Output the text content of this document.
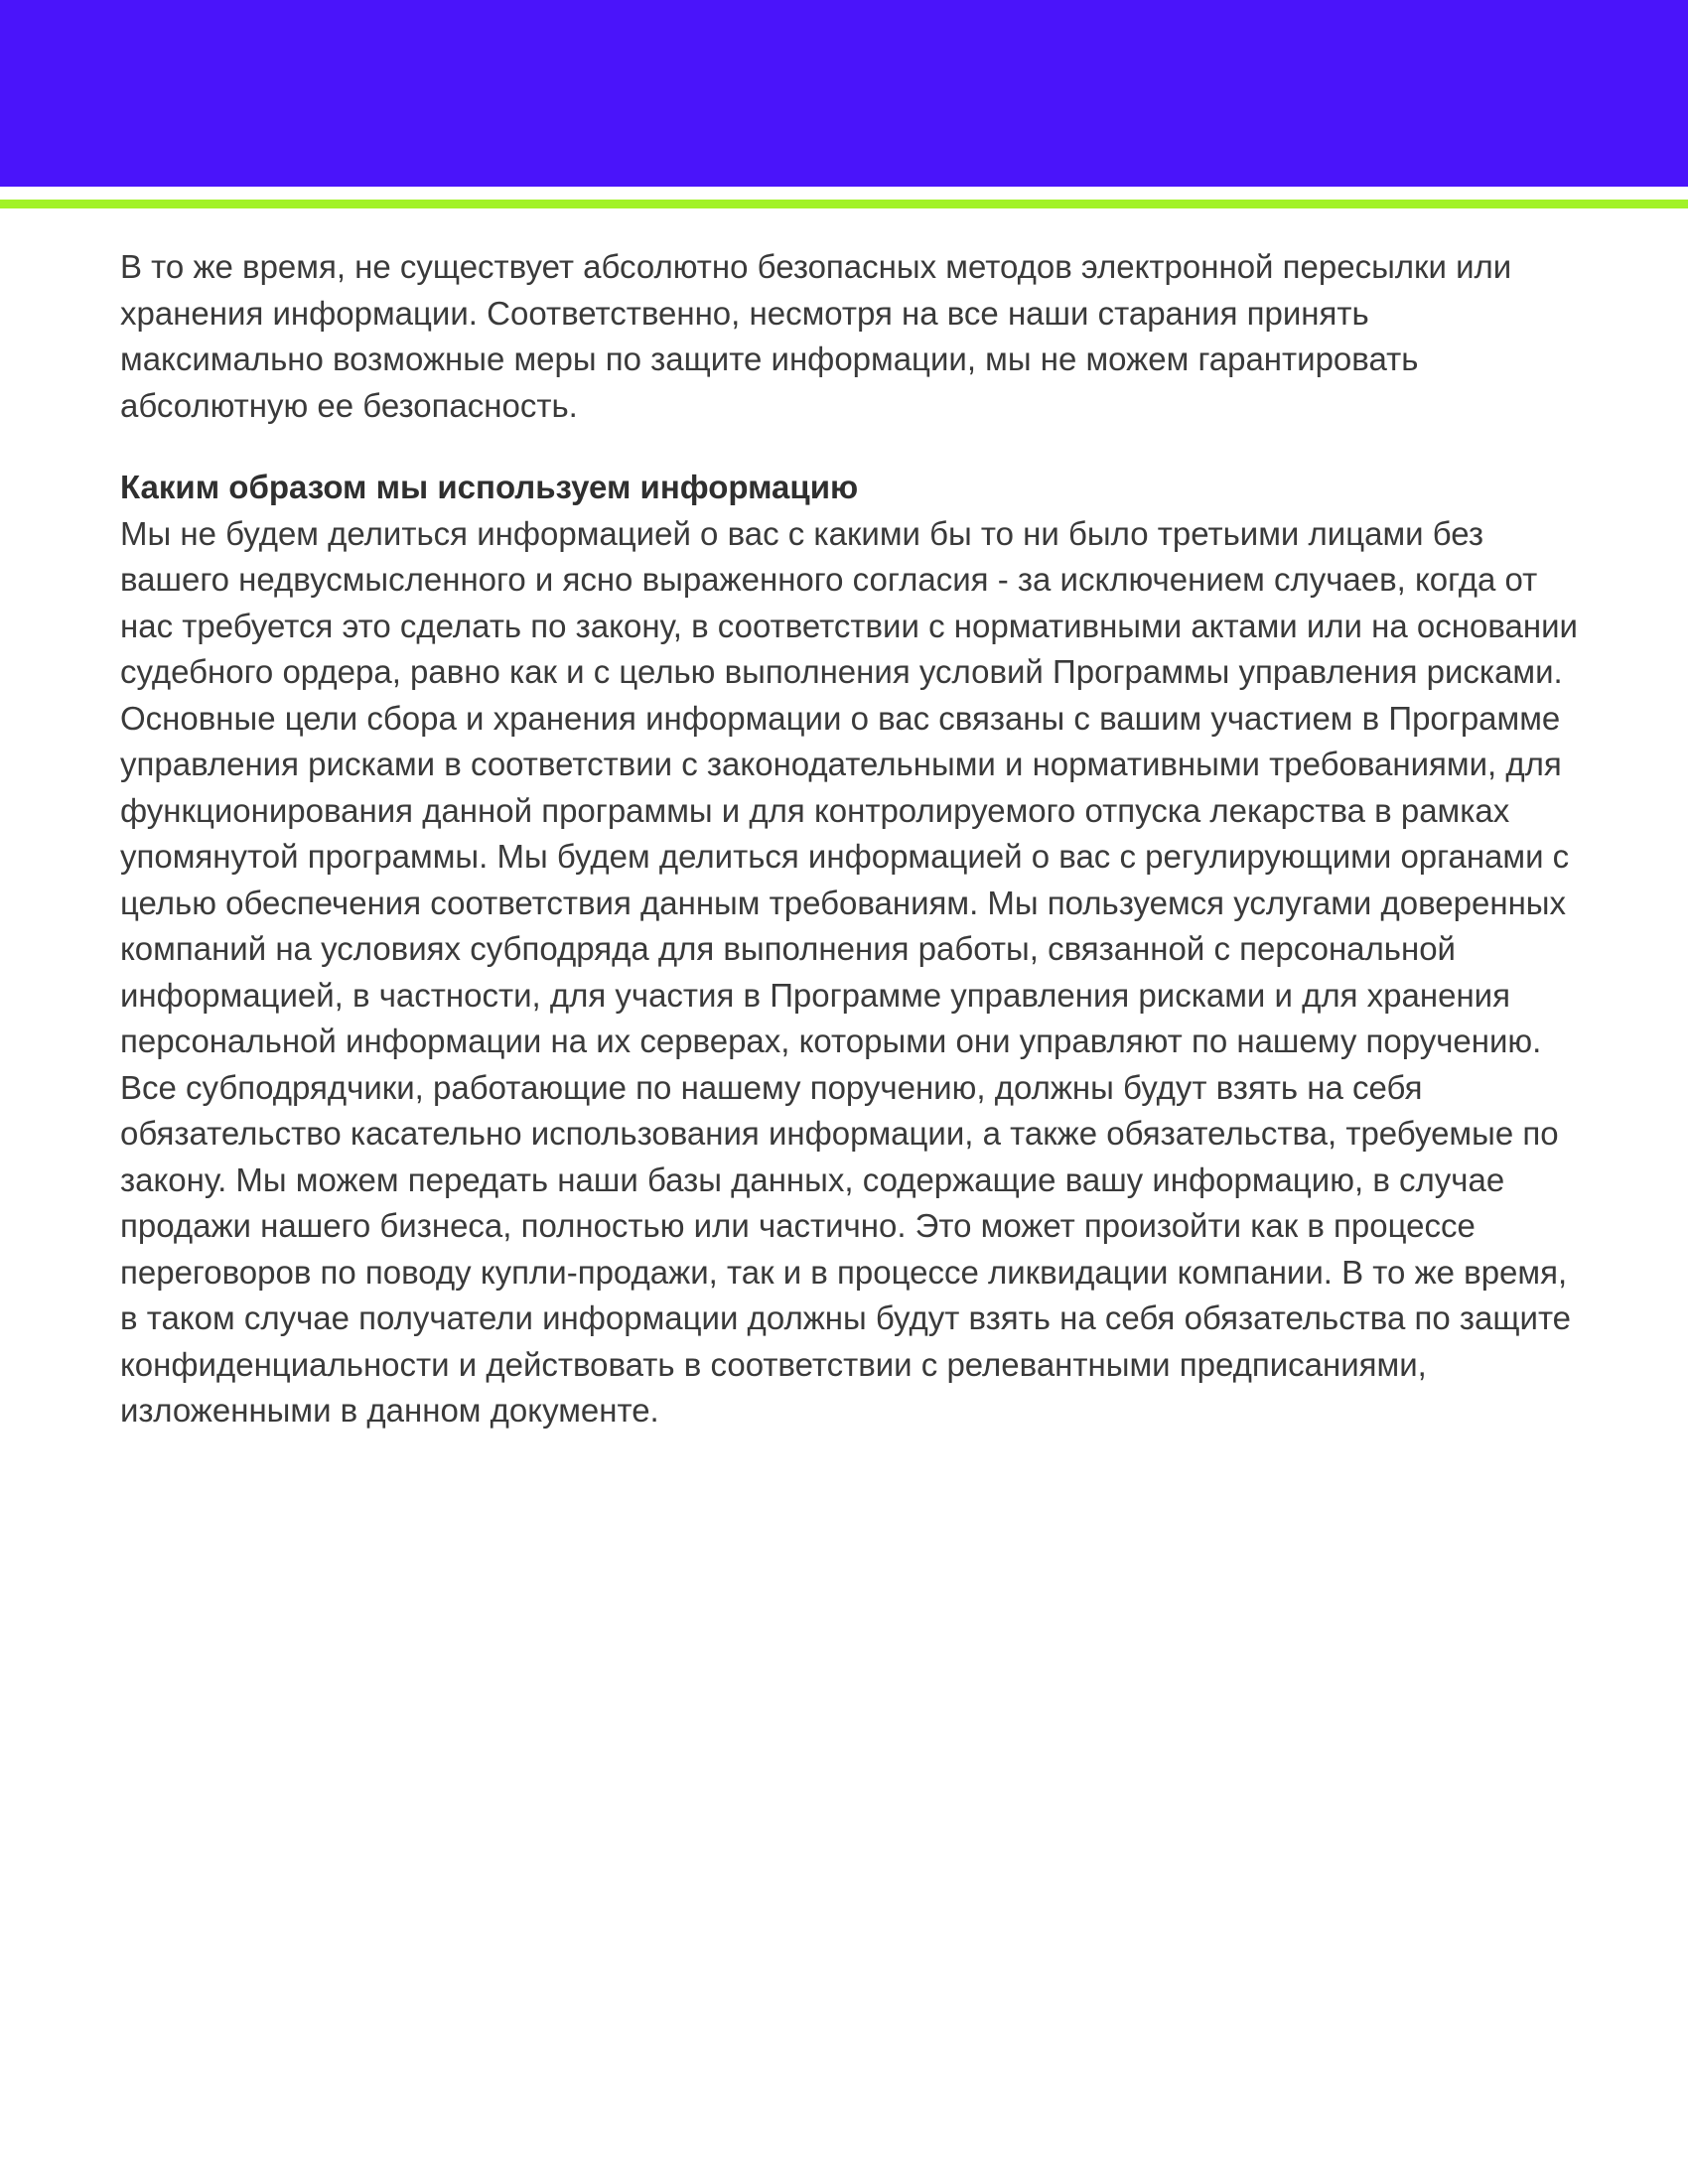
В то же время, не существует абсолютно безопасных методов электронной пересылки или хранения информации. Соответственно, несмотря на все наши старания принять максимально возможные меры по защите информации, мы не можем гарантировать абсолютную ее безопасность.

Каким образом мы используем информацию

Мы не будем делиться информацией о вас с какими бы то ни было третьими лицами без вашего недвусмысленного и ясно выраженного согласия - за исключением случаев, когда от нас требуется это сделать по закону, в соответствии с нормативными актами или на основании судебного ордера, равно как и с целью выполнения условий Программы управления рисками. Основные цели сбора и хранения информации о вас связаны с вашим участием в Программе управления рисками в соответствии с законодательными и нормативными требованиями, для функционирования данной программы и для контролируемого отпуска лекарства в рамках упомянутой программы. Мы будем делиться информацией о вас с регулирующими органами с целью обеспечения соответствия данным требованиям. Мы пользуемся услугами доверенных компаний на условиях субподряда для выполнения работы, связанной с персональной информацией, в частности, для участия в Программе управления рисками и для хранения персональной информации на их серверах, которыми они управляют по нашему поручению. Все субподрядчики, работающие по нашему поручению, должны будут взять на себя обязательство касательно использования информации, а также обязательства, требуемые по закону. Мы можем передать наши базы данных, содержащие вашу информацию, в случае продажи нашего бизнеса, полностью или частично. Это может произойти как в процессе переговоров по поводу купли-продажи, так и в процессе ликвидации компании. В то же время, в таком случае получатели информации должны будут взять на себя обязательства по защите конфиденциальности и действовать в соответствии с релевантными предписаниями, изложенными в данном документе.
